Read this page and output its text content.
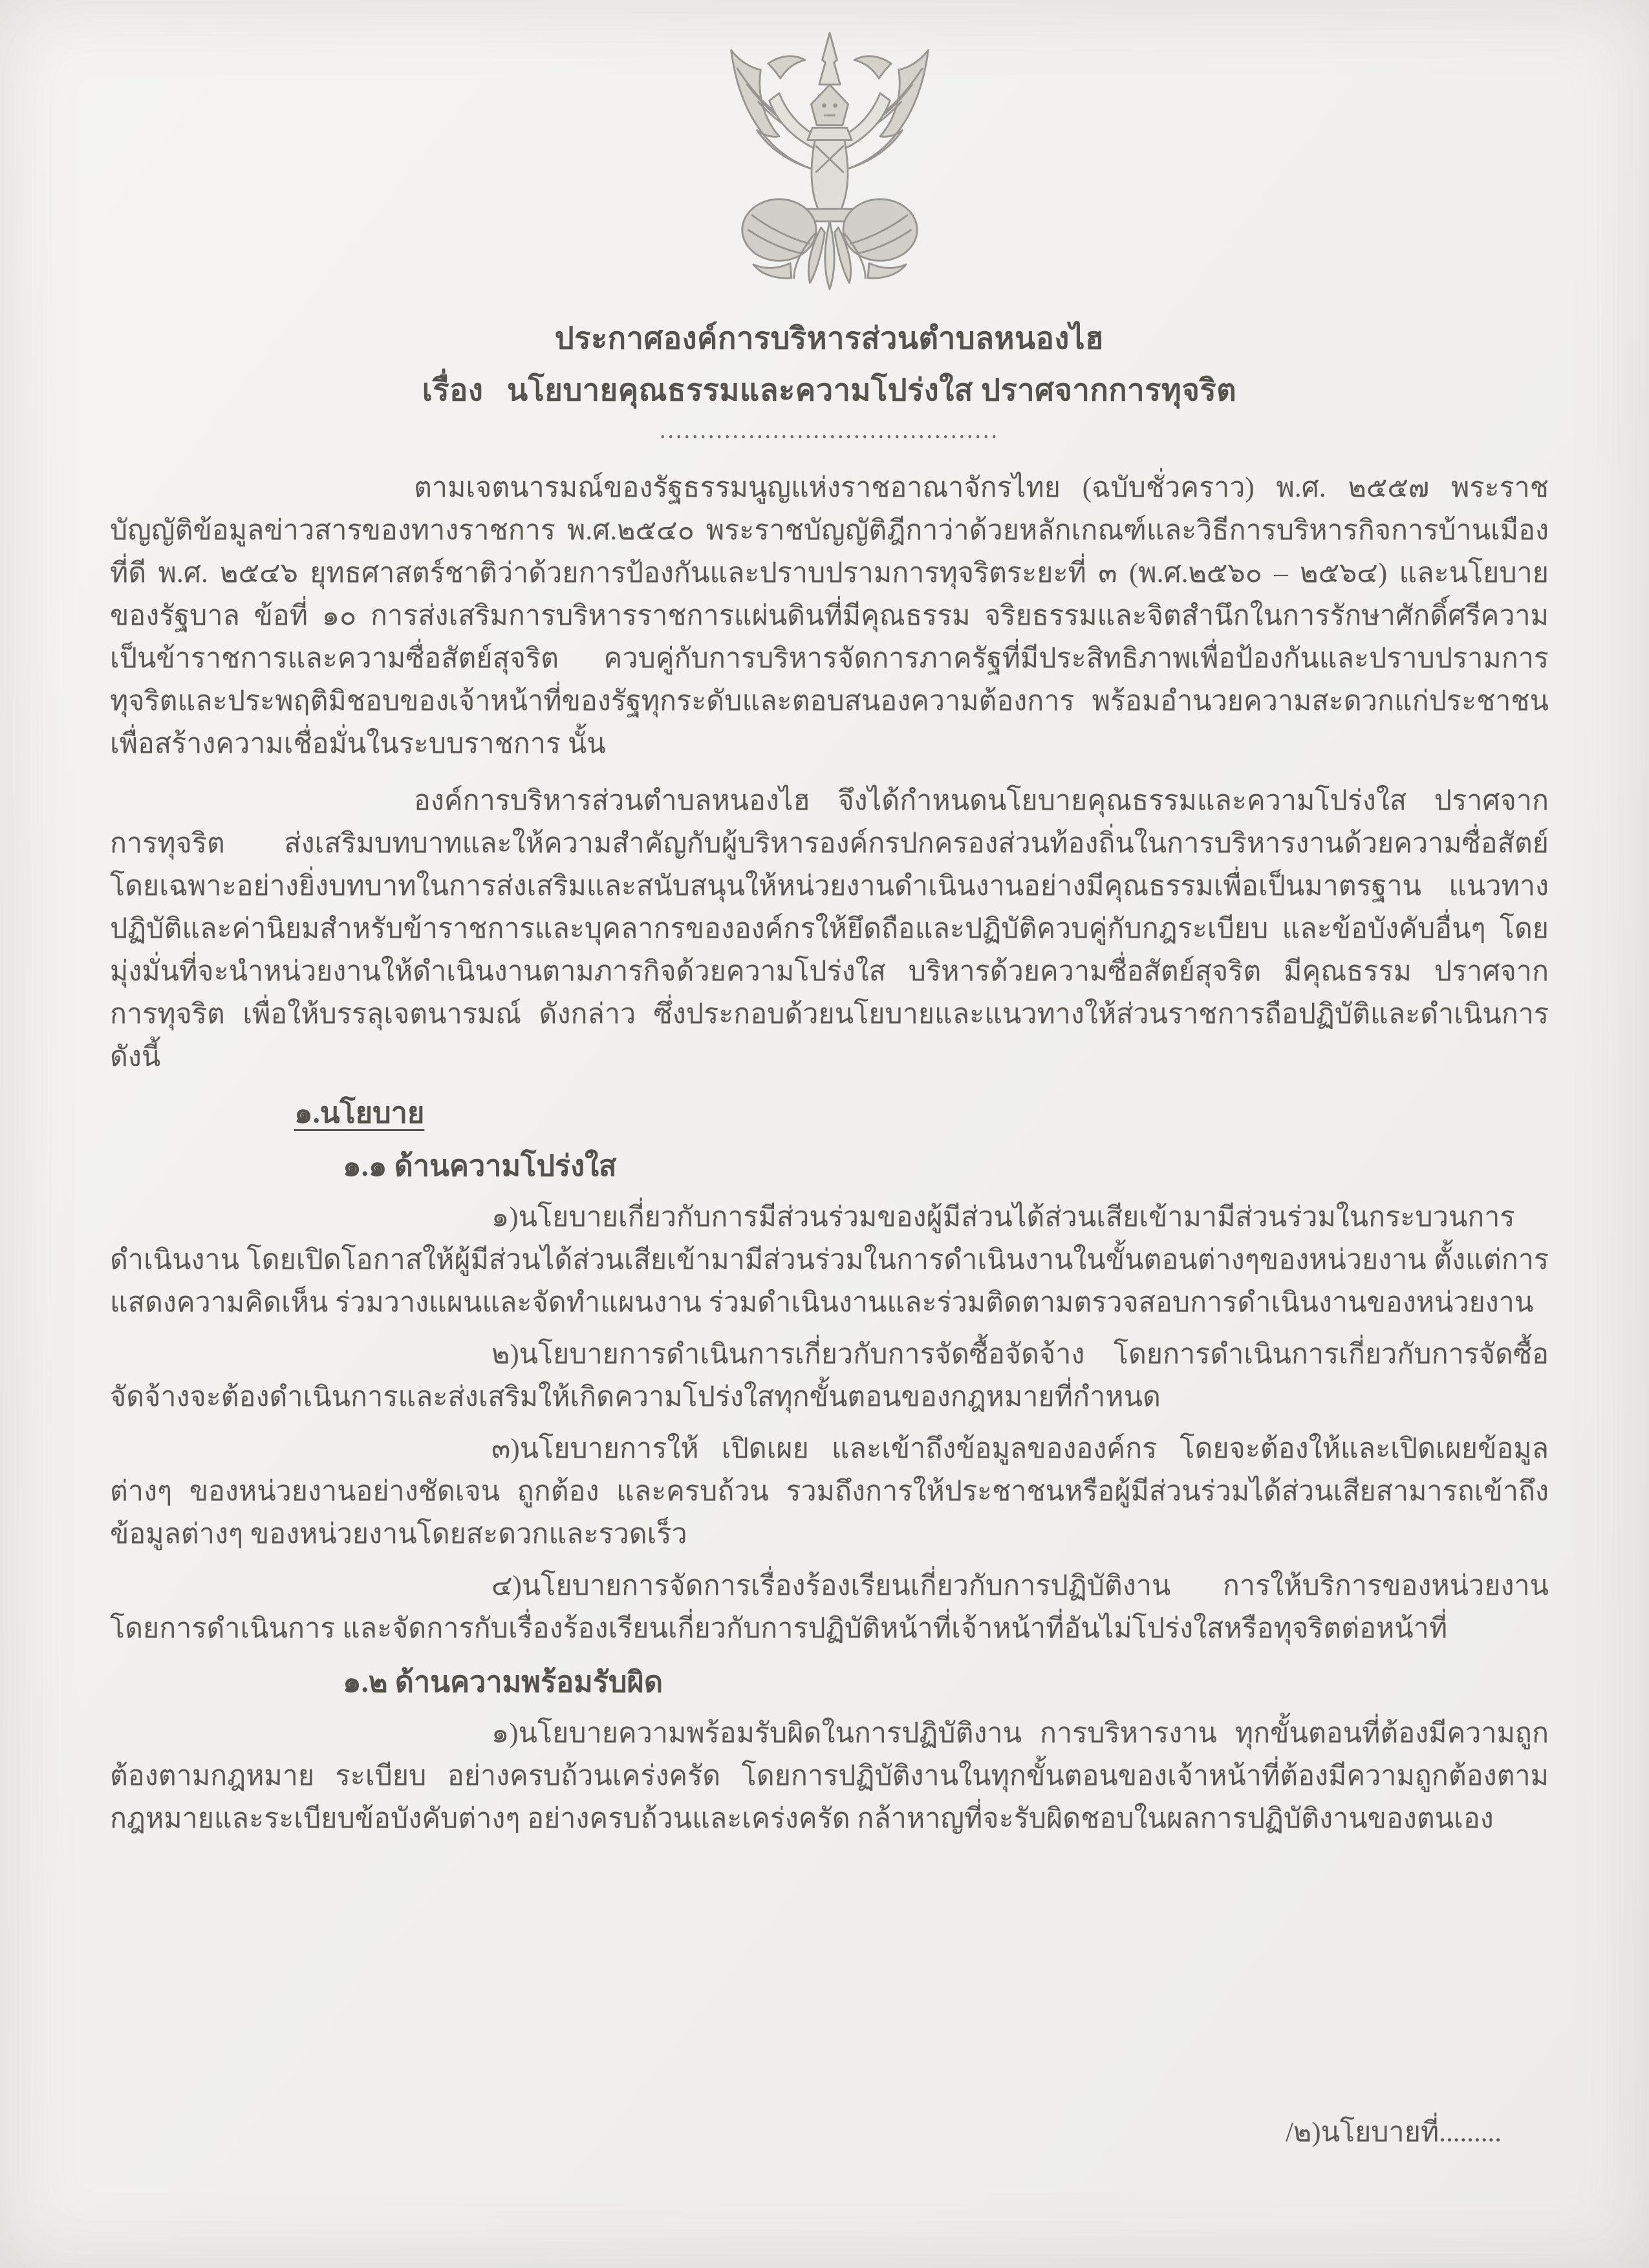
ประกาศองค์การบริหารส่วนตำบลหนองไฮ
เรื่อง   นโยบายคุณธรรมและความโปร่งใส ปราศจากการทุจริต
..........................................

ตามเจตนารมณ์ของรัฐธรรมนูญแห่งราชอาณาจักรไทย (ฉบับชั่วคราว) พ.ศ. ๒๕๕๗ พระราชบัญญัติข้อมูลข่าวสารของทางราชการ พ.ศ.๒๕๔๐ พระราชบัญญัติฎีกาว่าด้วยหลักเกณฑ์และวิธีการบริหารกิจการบ้านเมืองที่ดี พ.ศ. ๒๕๔๖ ยุทธศาสตร์ชาติว่าด้วยการป้องกันและปราบปรามการทุจริตระยะที่ ๓ (พ.ศ.๒๕๖๐ – ๒๕๖๔) และนโยบายของรัฐบาล ข้อที่ ๑๐ การส่งเสริมการบริหารราชการแผ่นดินที่มีคุณธรรม จริยธรรมและจิตสำนึกในการรักษาศักดิ์ศรีความเป็นข้าราชการและความซื่อสัตย์สุจริต ควบคู่กับการบริหารจัดการภาครัฐที่มีประสิทธิภาพเพื่อป้องกันและปราบปรามการทุจริตและประพฤติมิชอบของเจ้าหน้าที่ของรัฐทุกระดับและตอบสนองความต้องการ พร้อมอำนวยความสะดวกแก่ประชาชน เพื่อสร้างความเชื่อมั่นในระบบราชการ นั้น

องค์การบริหารส่วนตำบลหนองไฮ จึงได้กำหนดนโยบายคุณธรรมและความโปร่งใส ปราศจากการทุจริต ส่งเสริมบทบาทและให้ความสำคัญกับผู้บริหารองค์กรปกครองส่วนท้องถิ่นในการบริหารงานด้วยความซื่อสัตย์ โดยเฉพาะอย่างยิ่งบทบาทในการส่งเสริมและสนับสนุนให้หน่วยงานดำเนินงานอย่างมีคุณธรรมเพื่อเป็นมาตรฐาน แนวทางปฏิบัติและค่านิยมสำหรับข้าราชการและบุคลากรขององค์กรให้ยึดถือและปฏิบัติควบคู่กับกฎระเบียบ และข้อบังคับอื่นๆ โดยมุ่งมั่นที่จะนำหน่วยงานให้ดำเนินงานตามภารกิจด้วยความโปร่งใส บริหารด้วยความซื่อสัตย์สุจริต มีคุณธรรม ปราศจากการทุจริต เพื่อให้บรรลุเจตนารมณ์ ดังกล่าว ซึ่งประกอบด้วยนโยบายและแนวทางให้ส่วนราชการถือปฏิบัติและดำเนินการ ดังนี้

๑.นโยบาย
๑.๑ ด้านความโปร่งใส

๑)นโยบายเกี่ยวกับการมีส่วนร่วมของผู้มีส่วนได้ส่วนเสียเข้ามามีส่วนร่วมในกระบวนการดำเนินงาน โดยเปิดโอกาสให้ผู้มีส่วนได้ส่วนเสียเข้ามามีส่วนร่วมในการดำเนินงานในขั้นตอนต่างๆของหน่วยงาน ตั้งแต่การแสดงความคิดเห็น ร่วมวางแผนและจัดทำแผนงาน ร่วมดำเนินงานและร่วมติดตามตรวจสอบการดำเนินงานของหน่วยงาน

๒)นโยบายการดำเนินการเกี่ยวกับการจัดซื้อจัดจ้าง โดยการดำเนินการเกี่ยวกับการจัดซื้อจัดจ้างจะต้องดำเนินการและส่งเสริมให้เกิดความโปร่งใสทุกขั้นตอนของกฎหมายที่กำหนด

๓)นโยบายการให้ เปิดเผย และเข้าถึงข้อมูลขององค์กร โดยจะต้องให้และเปิดเผยข้อมูลต่างๆ ของหน่วยงานอย่างชัดเจน ถูกต้อง และครบถ้วน รวมถึงการให้ประชาชนหรือผู้มีส่วนร่วมได้ส่วนเสียสามารถเข้าถึงข้อมูลต่างๆ ของหน่วยงานโดยสะดวกและรวดเร็ว

๔)นโยบายการจัดการเรื่องร้องเรียนเกี่ยวกับการปฏิบัติงาน การให้บริการของหน่วยงาน โดยการดำเนินการ และจัดการกับเรื่องร้องเรียนเกี่ยวกับการปฏิบัติหน้าที่เจ้าหน้าที่อันไม่โปร่งใสหรือทุจริตต่อหน้าที่

๑.๒ ด้านความพร้อมรับผิด

๑)นโยบายความพร้อมรับผิดในการปฏิบัติงาน การบริหารงาน ทุกขั้นตอนที่ต้องมีความถูกต้องตามกฎหมาย ระเบียบ อย่างครบถ้วนเคร่งครัด โดยการปฏิบัติงานในทุกขั้นตอนของเจ้าหน้าที่ต้องมีความถูกต้องตามกฎหมายและระเบียบข้อบังคับต่างๆ อย่างครบถ้วนและเคร่งครัด กล้าหาญที่จะรับผิดชอบในผลการปฏิบัติงานของตนเอง

/๒)นโยบายที่.........
